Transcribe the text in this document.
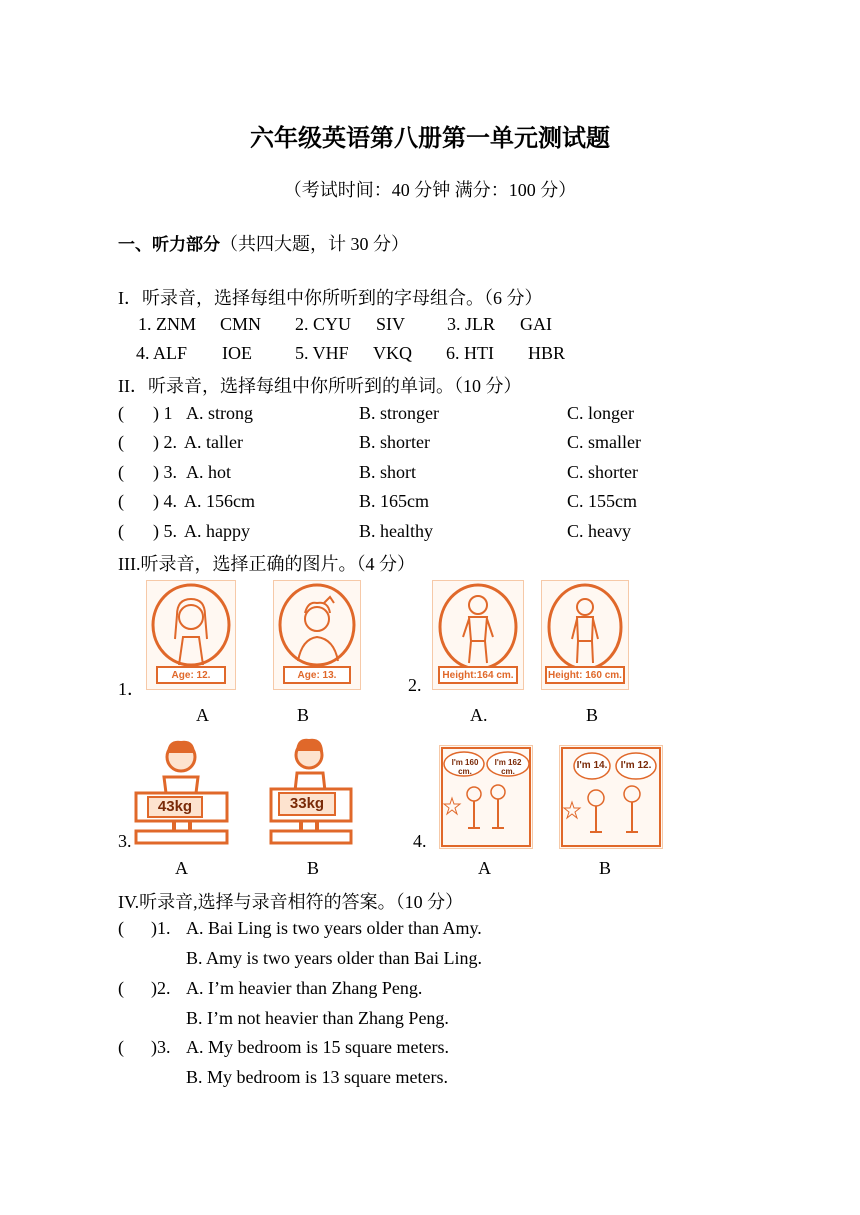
六年级英语第八册第一单元测试题
（考试时间：40 分钟 满分：100 分）
一、听力部分（共四大题，计 30 分）
I．听录音，选择每组中你所听到的字母组合。（6 分）
1. ZNM CMN 2. CYU SIV 3. JLR GAI
4. ALF IOE 5. VHF VKQ 6. HTI HBR
II．听录音，选择每组中你所听到的单词。（10 分）
( ) 1 A. strong	B. stronger	C. longer
( ) 2. A. taller	B. shorter	C. smaller
( ) 3. A. hot	B. short	C. shorter
( ) 4. A. 156cm	B. 165cm	C. 155cm
( ) 5. A. happy	B. healthy	C. heavy
III.听录音，选择正确的图片。（4 分）
1．
Age: 12.	Age: 13.
A	B
2.	Height:164 cm.	Height: 160 cm.
A.	B
3.
43kg	33kg
A	B
4.
I'm 160 cm.
I'm 162 cm.
I'm 14.	I'm 12.
A	B
IV.听录音,选择与录音相符的答案。（10 分）
(      )1. A. Bai Ling is two years older than Amy.
B. Amy is two years older than Bai Ling.
(      )2. A. I’m heavier than Zhang Peng.
B. I’m not heavier than Zhang Peng.
(      )3. A. My bedroom is 15 square meters.
B. My bedroom is 13 square meters.
